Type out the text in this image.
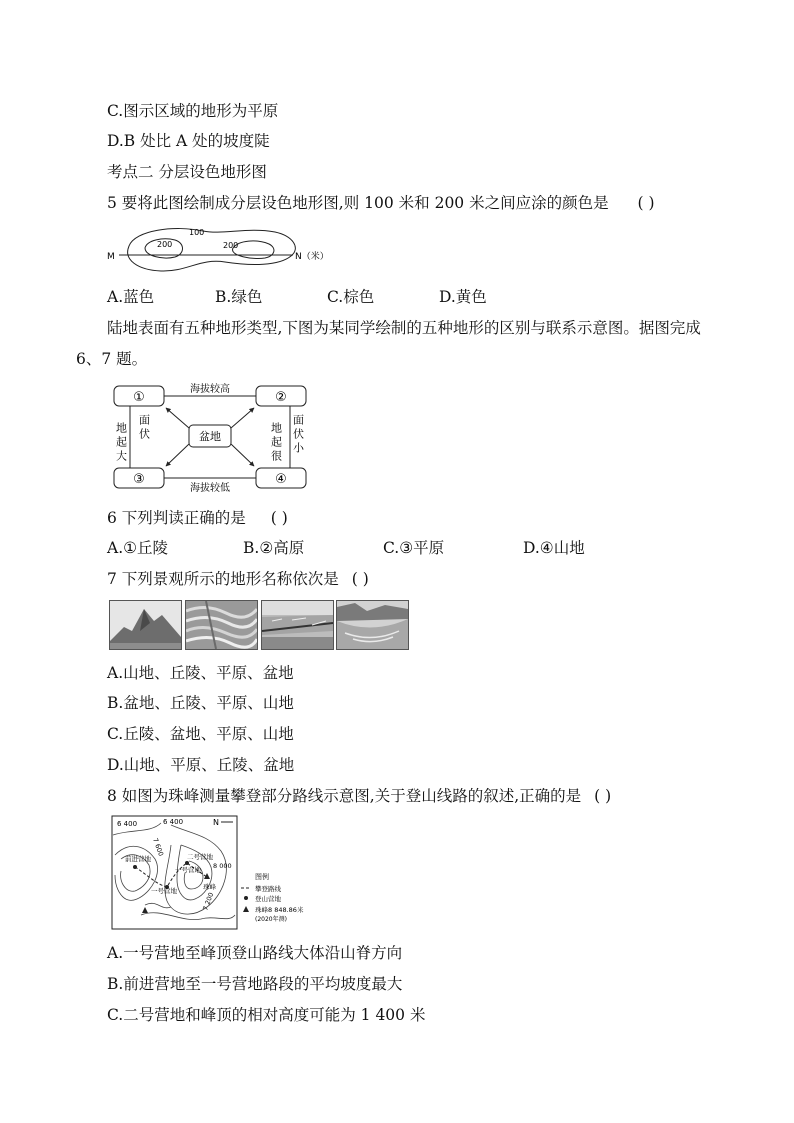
C.图示区域的地形为平原
D.B 处比 A 处的坡度陡
考点二 分层设色地形图
5 要将此图绘制成分层设色地形图,则 100 米和 200 米之间应涂的颜色是 ( )
M	N（米）
100
200	200
A.蓝色	B.绿色	C.棕色	D.黄色
陆地表面有五种地形类型,下图为某同学绘制的五种地形的区别与联系示意图。据图完成
6、7 题。
①	②
③	④
盆地
海拔较高
海拔较低
地起大 面伏	地起很 面伏小
6 下列判读正确的是 ( )
A.①丘陵	B.②高原	C.③平原	D.④山地
7 下列景观所示的地形名称依次是 ( )
A.山地、丘陵、平原、盆地
B.盆地、丘陵、平原、山地
C.丘陵、盆地、平原、山地
D.山地、平原、丘陵、盆地
8 如图为珠峰测量攀登部分路线示意图,关于登山线路的叙述,正确的是 ( )
6 400	6 400	N
前进营地	二号营地
一号营地
一号营地	珠峰
8 000
7 600
7 200
图例
攀登路线
登山营地
珠峰8 848.86米
(2020年测)
A.一号营地至峰顶登山路线大体沿山脊方向
B.前进营地至一号营地路段的平均坡度最大
C.二号营地和峰顶的相对高度可能为 1 400 米
